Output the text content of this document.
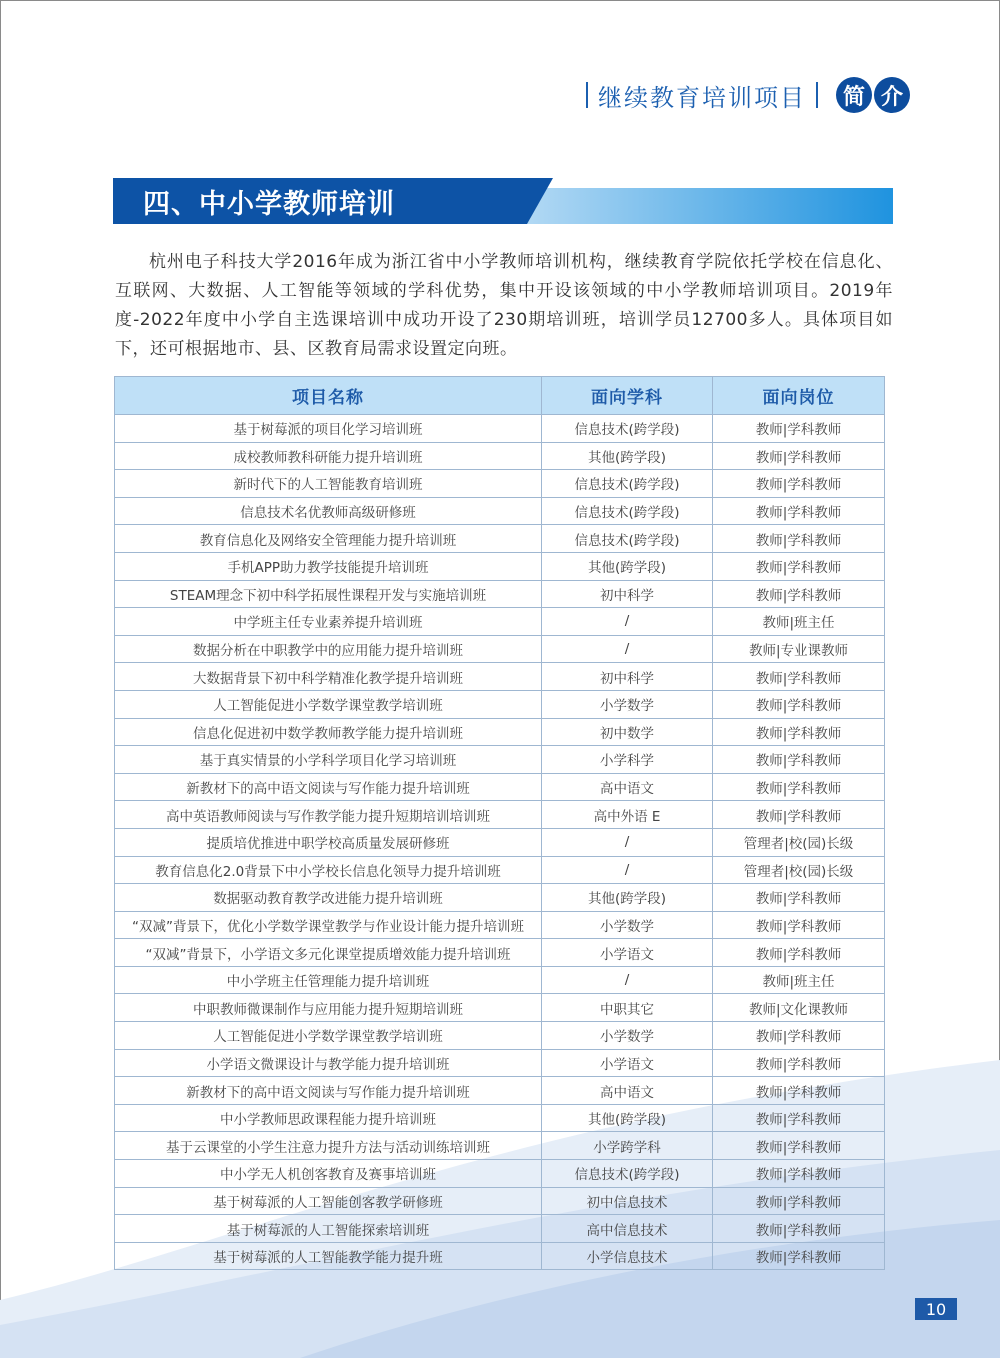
继续教育培训项目	简 介
四、中小学教师培训
杭州电子科技大学2016年成为浙江省中小学教师培训机构，继续教育学院依托学校在信息化、互联网、大数据、人工智能等领域的学科优势，集中开设该领域的中小学教师培训项目。2019年度-2022年度中小学自主选课培训中成功开设了230期培训班，培训学员12700多人。具体项目如下，还可根据地市、县、区教育局需求设置定向班。
项目名称	面向学科	面向岗位
基于树莓派的项目化学习培训班	信息技术(跨学段)	教师|学科教师
成校教师教科研能力提升培训班	其他(跨学段)	教师|学科教师
新时代下的人工智能教育培训班	信息技术(跨学段)	教师|学科教师
信息技术名优教师高级研修班	信息技术(跨学段)	教师|学科教师
教育信息化及网络安全管理能力提升培训班	信息技术(跨学段)	教师|学科教师
手机APP助力教学技能提升培训班	其他(跨学段)	教师|学科教师
STEAM理念下初中科学拓展性课程开发与实施培训班	初中科学	教师|学科教师
中学班主任专业素养提升培训班	/	教师|班主任
数据分析在中职教学中的应用能力提升培训班	/	教师|专业课教师
大数据背景下初中科学精准化教学提升培训班	初中科学	教师|学科教师
人工智能促进小学数学课堂教学培训班	小学数学	教师|学科教师
信息化促进初中数学教师教学能力提升培训班	初中数学	教师|学科教师
基于真实情景的小学科学项目化学习培训班	小学科学	教师|学科教师
新教材下的高中语文阅读与写作能力提升培训班	高中语文	教师|学科教师
高中英语教师阅读与写作教学能力提升短期培训培训班	高中外语 E	教师|学科教师
提质培优推进中职学校高质量发展研修班	/	管理者|校(园)长级
教育信息化2.0背景下中小学校长信息化领导力提升培训班	/	管理者|校(园)长级
数据驱动教育教学改进能力提升培训班	其他(跨学段)	教师|学科教师
“双减”背景下，优化小学数学课堂教学与作业设计能力提升培训班	小学数学	教师|学科教师
“双减”背景下，小学语文多元化课堂提质增效能力提升培训班	小学语文	教师|学科教师
中小学班主任管理能力提升培训班	/	教师|班主任
中职教师微课制作与应用能力提升短期培训班	中职其它	教师|文化课教师
人工智能促进小学数学课堂教学培训班	小学数学	教师|学科教师
小学语文微课设计与教学能力提升培训班	小学语文	教师|学科教师
新教材下的高中语文阅读与写作能力提升培训班	高中语文	教师|学科教师
中小学教师思政课程能力提升培训班	其他(跨学段)	教师|学科教师
基于云课堂的小学生注意力提升方法与活动训练培训班	小学跨学科	教师|学科教师
中小学无人机创客教育及赛事培训班	信息技术(跨学段)	教师|学科教师
基于树莓派的人工智能创客教学研修班	初中信息技术	教师|学科教师
基于树莓派的人工智能探索培训班	高中信息技术	教师|学科教师
基于树莓派的人工智能教学能力提升班	小学信息技术	教师|学科教师
10
